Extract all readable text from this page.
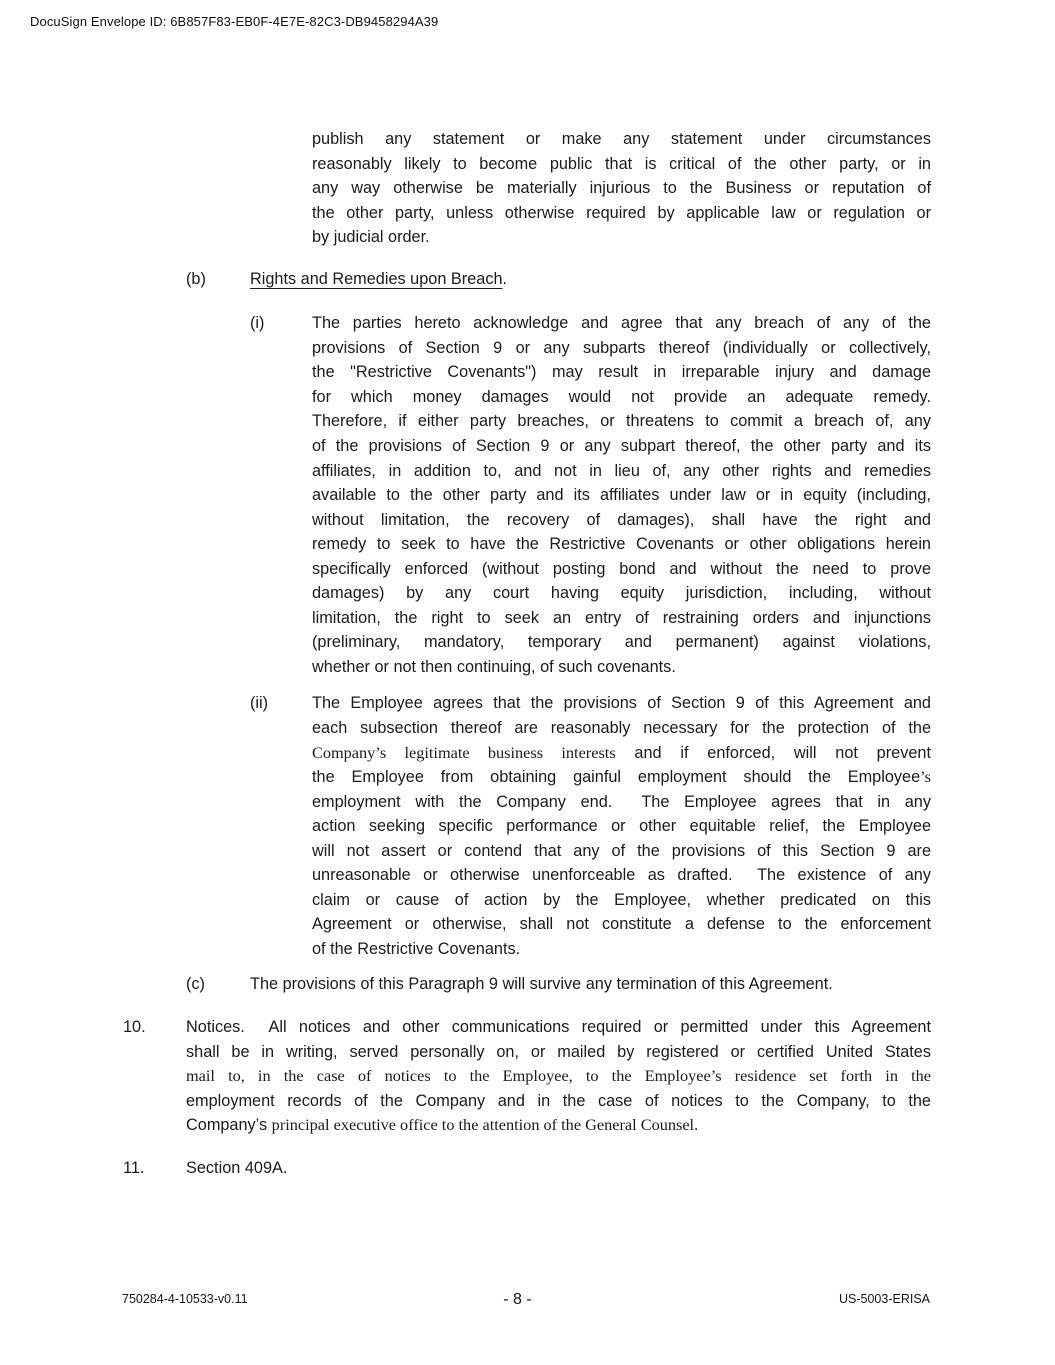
DocuSign Envelope ID: 6B857F83-EB0F-4E7E-82C3-DB9458294A39
publish any statement or make any statement under circumstances
reasonably likely to become public that is critical of the other party, or in
any way otherwise be materially injurious to the Business or reputation of
the other party, unless otherwise required by applicable law or regulation or
by judicial order.
(b)	Rights and Remedies upon Breach.
(i)	The parties hereto acknowledge and agree that any breach of any of the
provisions of Section 9 or any subparts thereof (individually or collectively,
the "Restrictive Covenants") may result in irreparable injury and damage
for which money damages would not provide an adequate remedy.
Therefore, if either party breaches, or threatens to commit a breach of, any
of the provisions of Section 9 or any subpart thereof, the other party and its
affiliates, in addition to, and not in lieu of, any other rights and remedies
available to the other party and its affiliates under law or in equity (including,
without limitation, the recovery of damages), shall have the right and
remedy to seek to have the Restrictive Covenants or other obligations herein
specifically enforced (without posting bond and without the need to prove
damages) by any court having equity jurisdiction, including, without
limitation, the right to seek an entry of restraining orders and injunctions
(preliminary, mandatory, temporary and permanent) against violations,
whether or not then continuing, of such covenants.
(ii)	The Employee agrees that the provisions of Section 9 of this Agreement and
each subsection thereof are reasonably necessary for the protection of the
Company’s legitimate business interests and if enforced, will not prevent
the Employee from obtaining gainful employment should the Employee’s
employment with the Company end.  The Employee agrees that in any
action seeking specific performance or other equitable relief, the Employee
will not assert or contend that any of the provisions of this Section 9 are
unreasonable or otherwise unenforceable as drafted.  The existence of any
claim or cause of action by the Employee, whether predicated on this
Agreement or otherwise, shall not constitute a defense to the enforcement
of the Restrictive Covenants.
(c)	The provisions of this Paragraph 9 will survive any termination of this Agreement.
10. Notices.  All notices and other communications required or permitted under this Agreement
shall be in writing, served personally on, or mailed by registered or certified United States
mail to, in the case of notices to the Employee, to the Employee’s residence set forth in the
employment records of the Company and in the case of notices to the Company, to the
Company’s principal executive office to the attention of the General Counsel.
11.	Section 409A.
750284-4-10533-v0.11	- 8 -	US-5003-ERISA
